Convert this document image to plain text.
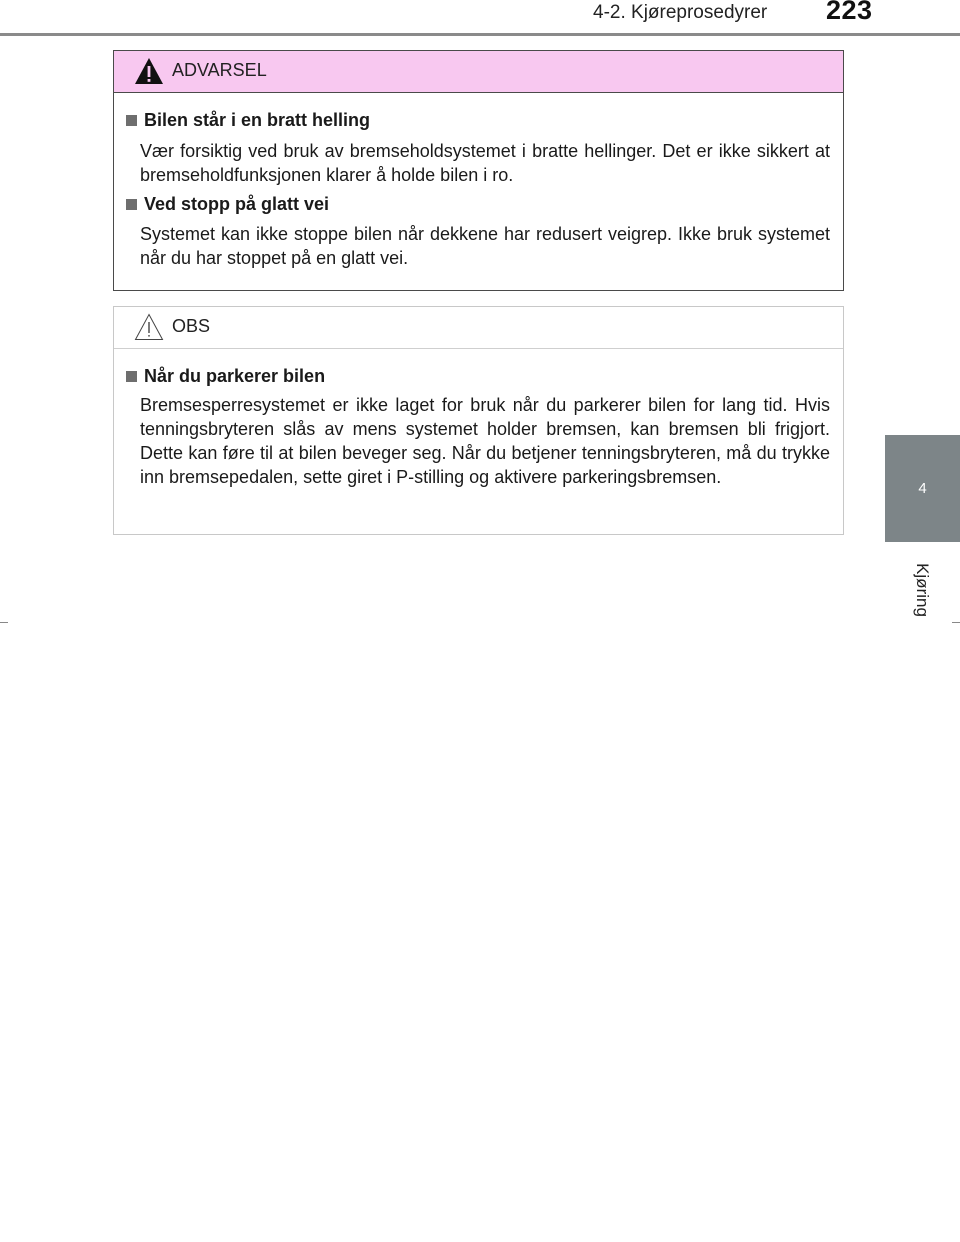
4-2. Kjøreprosedyrer 223
4
Kjøring
ADVARSEL
Bilen står i en bratt helling
Vær forsiktig ved bruk av bremseholdsystemet i bratte hellinger. Det er ikke sikkert at bremseholdfunksjonen klarer å holde bilen i ro.
Ved stopp på glatt vei
Systemet kan ikke stoppe bilen når dekkene har redusert veigrep. Ikke bruk systemet når du har stoppet på en glatt vei.
OBS
Når du parkerer bilen
Bremsesperresystemet er ikke laget for bruk når du parkerer bilen for lang tid. Hvis tenningsbryteren slås av mens systemet holder bremsen, kan bremsen bli frigjort. Dette kan føre til at bilen beveger seg. Når du betjener tenningsbryteren, må du trykke inn bremsepedalen, sette giret i P-stilling og aktivere parkeringsbremsen.
